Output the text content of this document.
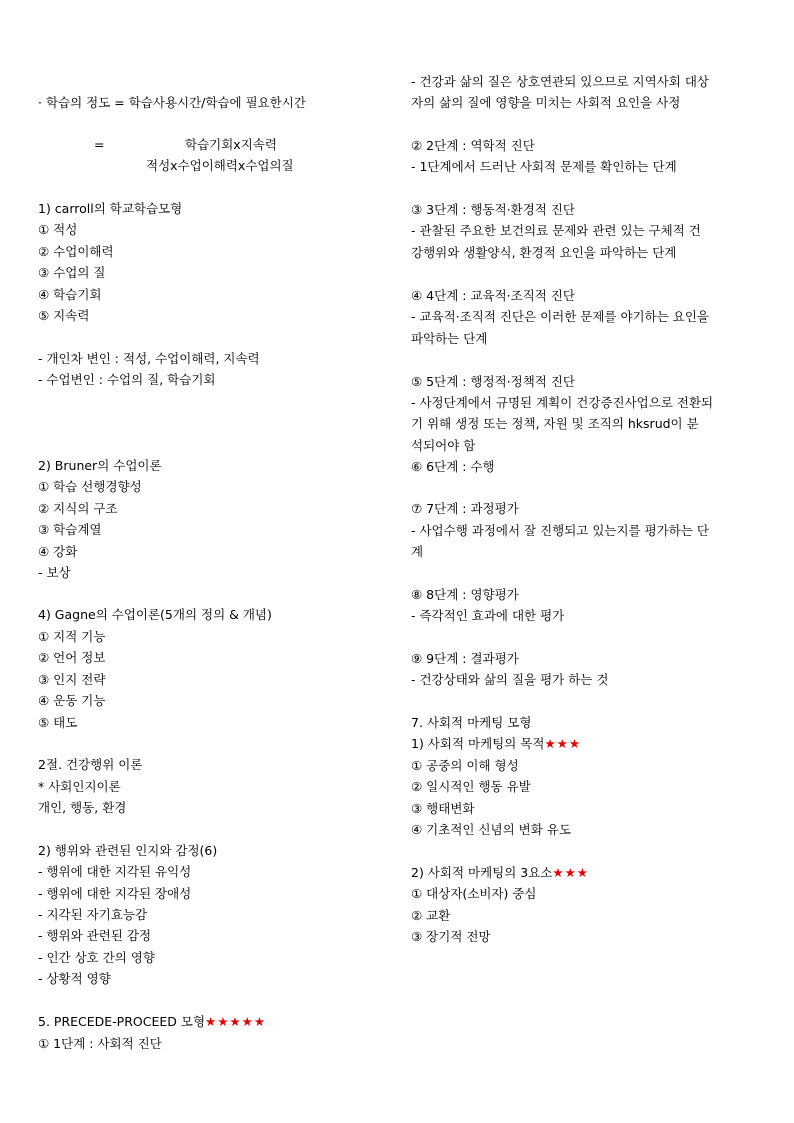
· 학습의 정도 = 학습사용시간/학습에 필요한시간
=	학습기회x지속력
적성x수업이해력x수업의질
1) carroll의 학교학습모형
① 적성
② 수업이해력
③ 수업의 질
④ 학습기회
⑤ 지속력
- 개인차 변인 : 적성, 수업이해력, 지속력
- 수업변인 : 수업의 질, 학습기회
2) Bruner의 수업이론
① 학습 선행경향성
② 지식의 구조
③ 학습계열
④ 강화
- 보상
4) Gagne의 수업이론(5개의 정의 & 개념)
① 지적 기능
② 언어 정보
③ 인지 전략
④ 운동 기능
⑤ 태도
2절. 건강행위 이론
* 사회인지이론
개인, 행동, 환경
2) 행위와 관련된 인지와 감정(6)
- 행위에 대한 지각된 유익성
- 행위에 대한 지각된 장애성
- 지각된 자기효능감
- 행위와 관련된 감정
- 인간 상호 간의 영향
- 상황적 영향
5. PRECEDE-PROCEED 모형★★★★★
① 1단계 : 사회적 진단
- 건강과 삶의 질은 상호연관되 있으므로 지역사회 대상
자의 삶의 질에 영향을 미치는 사회적 요인을 사정
② 2단계 : 역학적 진단
- 1단계에서 드러난 사회적 문제를 확인하는 단계
③ 3단계 : 행동적·환경적 진단
- 관찰된 주요한 보건의료 문제와 관련 있는 구체적 건
강행위와 생활양식, 환경적 요인을 파악하는 단계
④ 4단계 : 교육적·조직적 진단
- 교육적·조직적 진단은 이러한 문제를 야기하는 요인을
파악하는 단계
⑤ 5단계 : 행정적·정책적 진단
- 사정단계에서 규명된 계획이 건강증진사업으로 전환되
기 위해 생정 또는 정책, 자원 및 조직의 hksrud이 분
석되어야 함
⑥ 6단계 : 수행
⑦ 7단계 : 과정평가
- 사업수행 과정에서 잘 진행되고 있는지를 평가하는 단
계
⑧ 8단계 : 영향평가
- 즉각적인 효과에 대한 평가
⑨ 9단계 : 결과평가
- 건강상태와 삶의 질을 평가 하는 것
7. 사회적 마케팅 모형
1) 사회적 마케팅의 목적★★★
① 공중의 이해 형성
② 일시적인 행동 유발
③ 행태변화
④ 기초적인 신념의 변화 유도
2) 사회적 마케팅의 3요소★★★
① 대상자(소비자) 중심
② 교환
③ 장기적 전망
